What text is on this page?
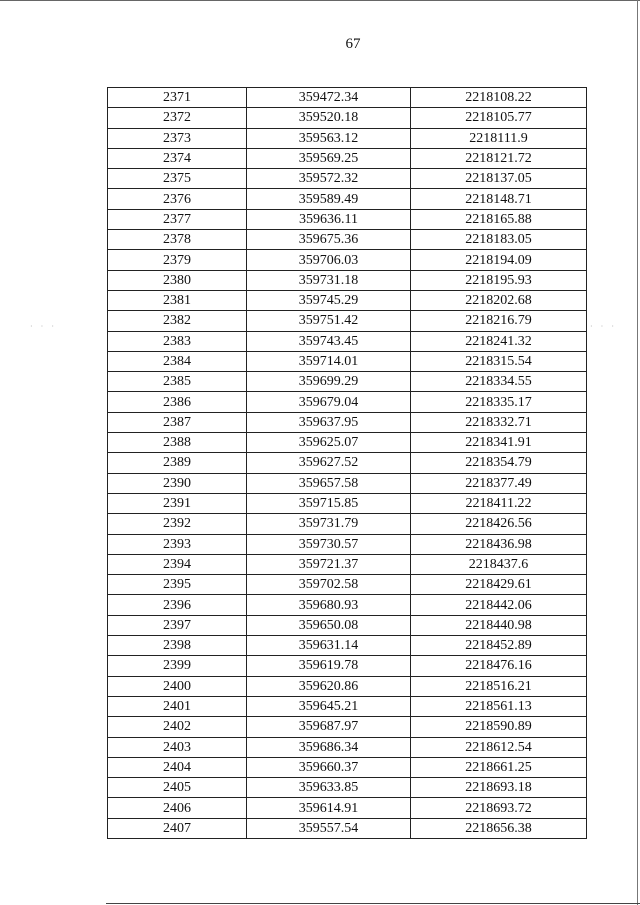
67
· · ·	· · ·
2371	359472.34	2218108.22
2372	359520.18	2218105.77
2373	359563.12	2218111.9
2374	359569.25	2218121.72
2375	359572.32	2218137.05
2376	359589.49	2218148.71
2377	359636.11	2218165.88
2378	359675.36	2218183.05
2379	359706.03	2218194.09
2380	359731.18	2218195.93
2381	359745.29	2218202.68
2382	359751.42	2218216.79
2383	359743.45	2218241.32
2384	359714.01	2218315.54
2385	359699.29	2218334.55
2386	359679.04	2218335.17
2387	359637.95	2218332.71
2388	359625.07	2218341.91
2389	359627.52	2218354.79
2390	359657.58	2218377.49
2391	359715.85	2218411.22
2392	359731.79	2218426.56
2393	359730.57	2218436.98
2394	359721.37	2218437.6
2395	359702.58	2218429.61
2396	359680.93	2218442.06
2397	359650.08	2218440.98
2398	359631.14	2218452.89
2399	359619.78	2218476.16
2400	359620.86	2218516.21
2401	359645.21	2218561.13
2402	359687.97	2218590.89
2403	359686.34	2218612.54
2404	359660.37	2218661.25
2405	359633.85	2218693.18
2406	359614.91	2218693.72
2407	359557.54	2218656.38
